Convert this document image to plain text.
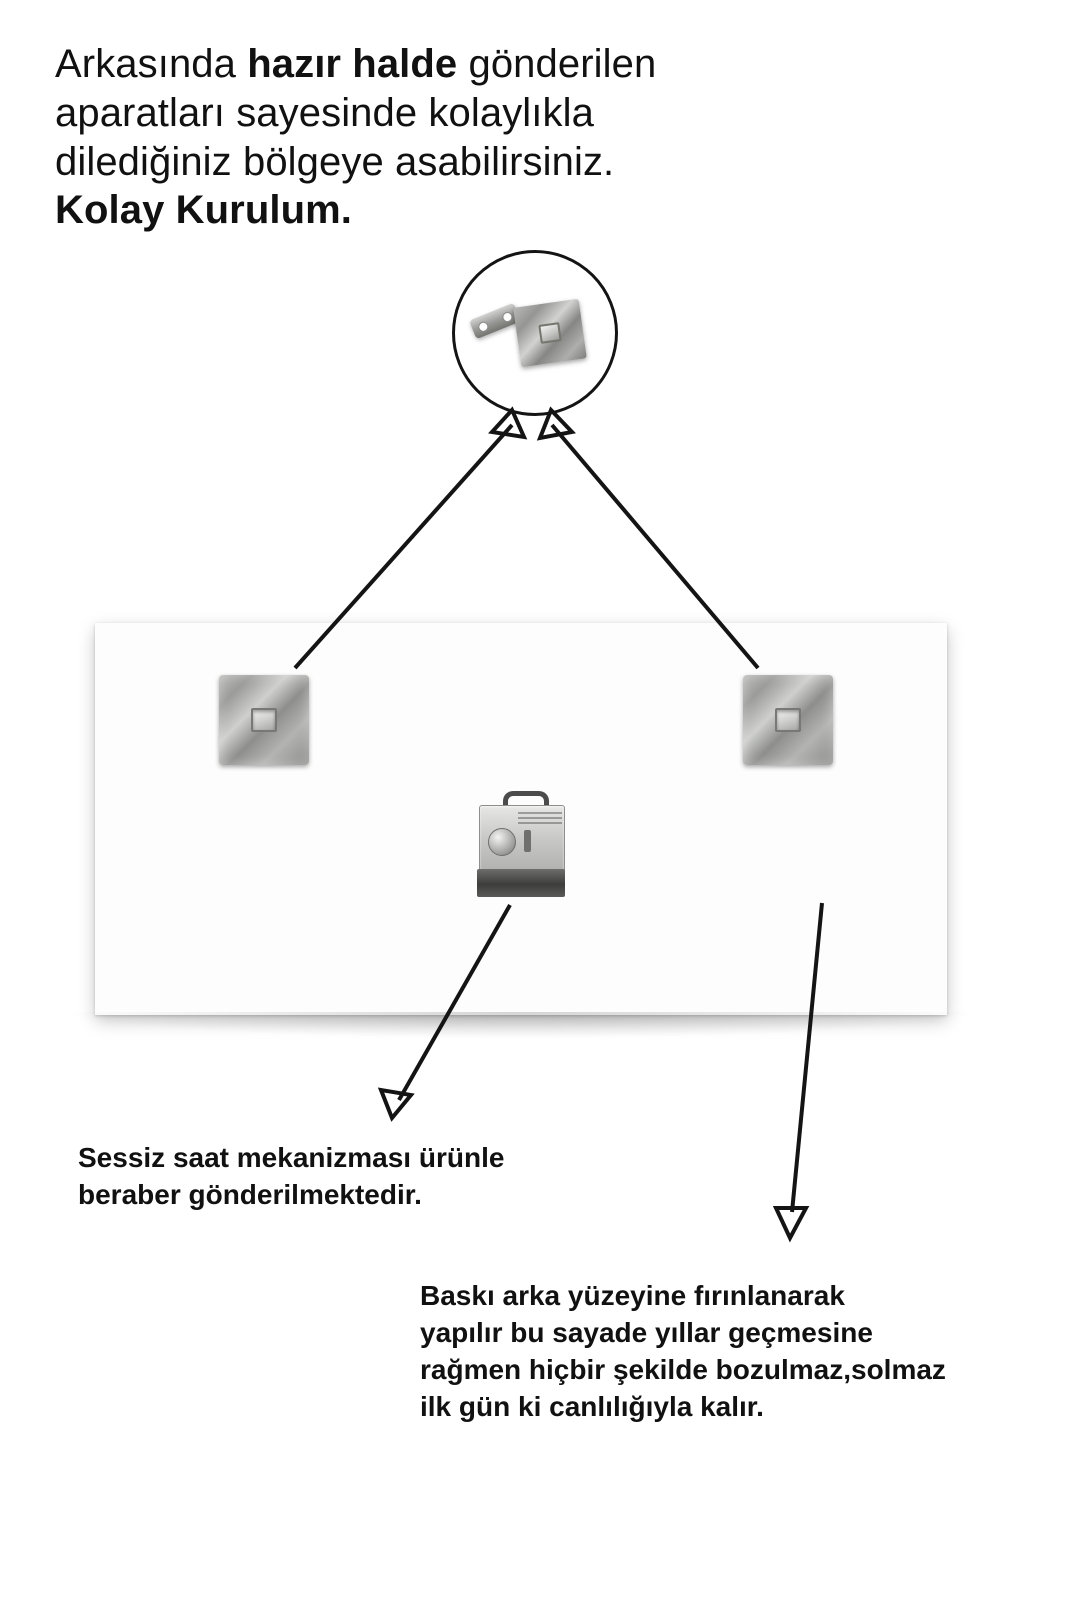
Arkasında hazır halde gönderilen
aparatları sayesinde kolaylıkla
dilediğiniz bölgeye asabilirsiniz.
Kolay Kurulum.
Sessiz saat mekanizması ürünle
beraber gönderilmektedir.
Baskı arka yüzeyine fırınlanarak
yapılır bu sayade yıllar geçmesine
rağmen hiçbir şekilde bozulmaz,solmaz
ilk gün ki canlılığıyla kalır.
